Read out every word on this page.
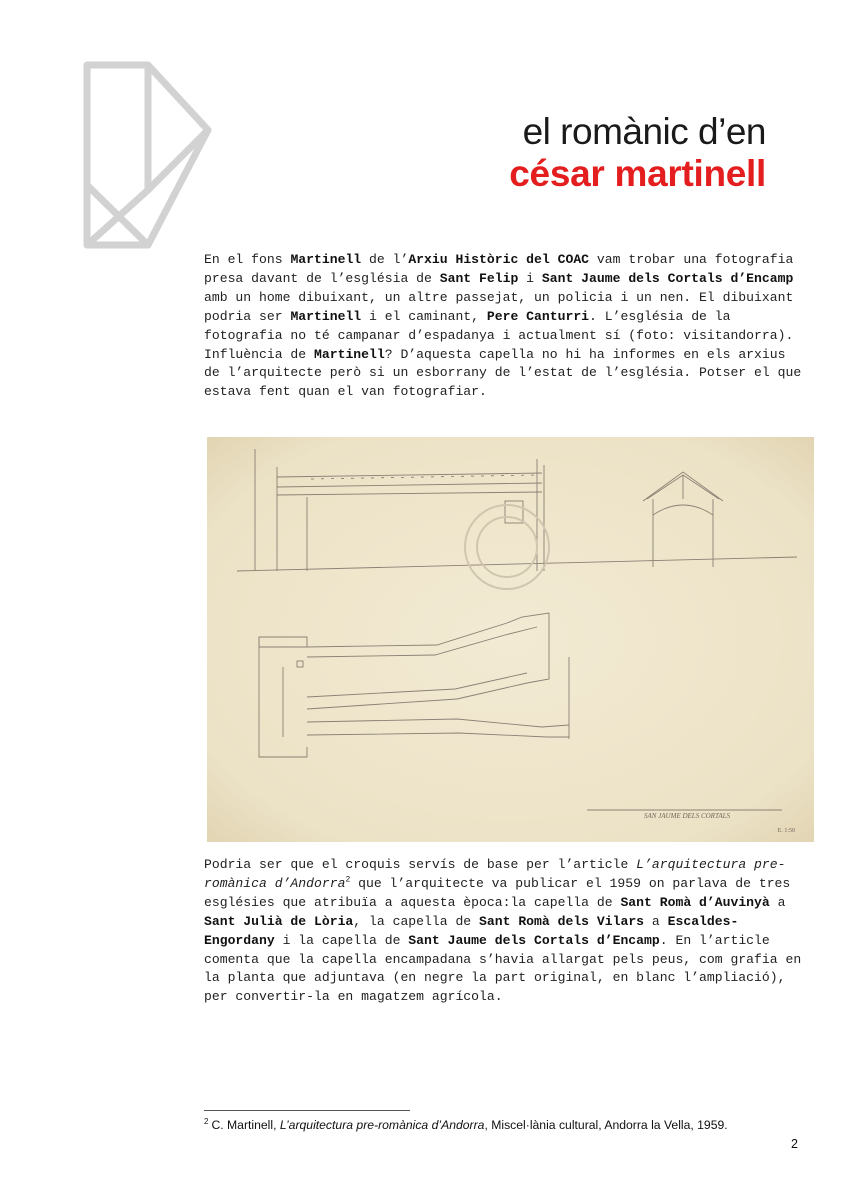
el romànic d’en
césar martinell
En el fons Martinell de l’Arxiu Històric del COAC vam trobar una fotografia presa davant de l’església de Sant Felip i Sant Jaume dels Cortals d’Encamp amb un home dibuixant, un altre passejat, un policia i un nen. El dibuixant podria ser Martinell i el caminant, Pere Canturri. L’església de la fotografia no té campanar d’espadanya i actualment sí (foto: visitandorra). Influència de Martinell? D’aquesta capella no hi ha informes en els arxius de l’arquitecte però si un esborrany de l’estat de l’església. Potser el que estava fent quan el van fotografiar.
SAN JAUME DELS CORTALS
E. 1:50
Podria ser que el croquis servís de base per l’article L’arquitectura pre-romànica d’Andorra$^2$ que l’arquitecte va publicar el 1959 on parlava de tres esglésies que atribuïa a aquesta època:la capella de Sant Romà d’Auvinyà a Sant Julià de Lòria, la capella de Sant Romà dels Vilars a Escaldes-Engordany i la capella de Sant Jaume dels Cortals d’Encamp. En l’article comenta que la capella encampadana s’havia allargat pels peus, com grafia en la planta que adjuntava (en negre la part original, en blanc l’ampliació), per convertir-la en magatzem agrícola.
$^2$ C. Martinell, L’arquitectura pre-romànica d’Andorra, Miscel·lània cultural, Andorra la Vella, 1959.
2
